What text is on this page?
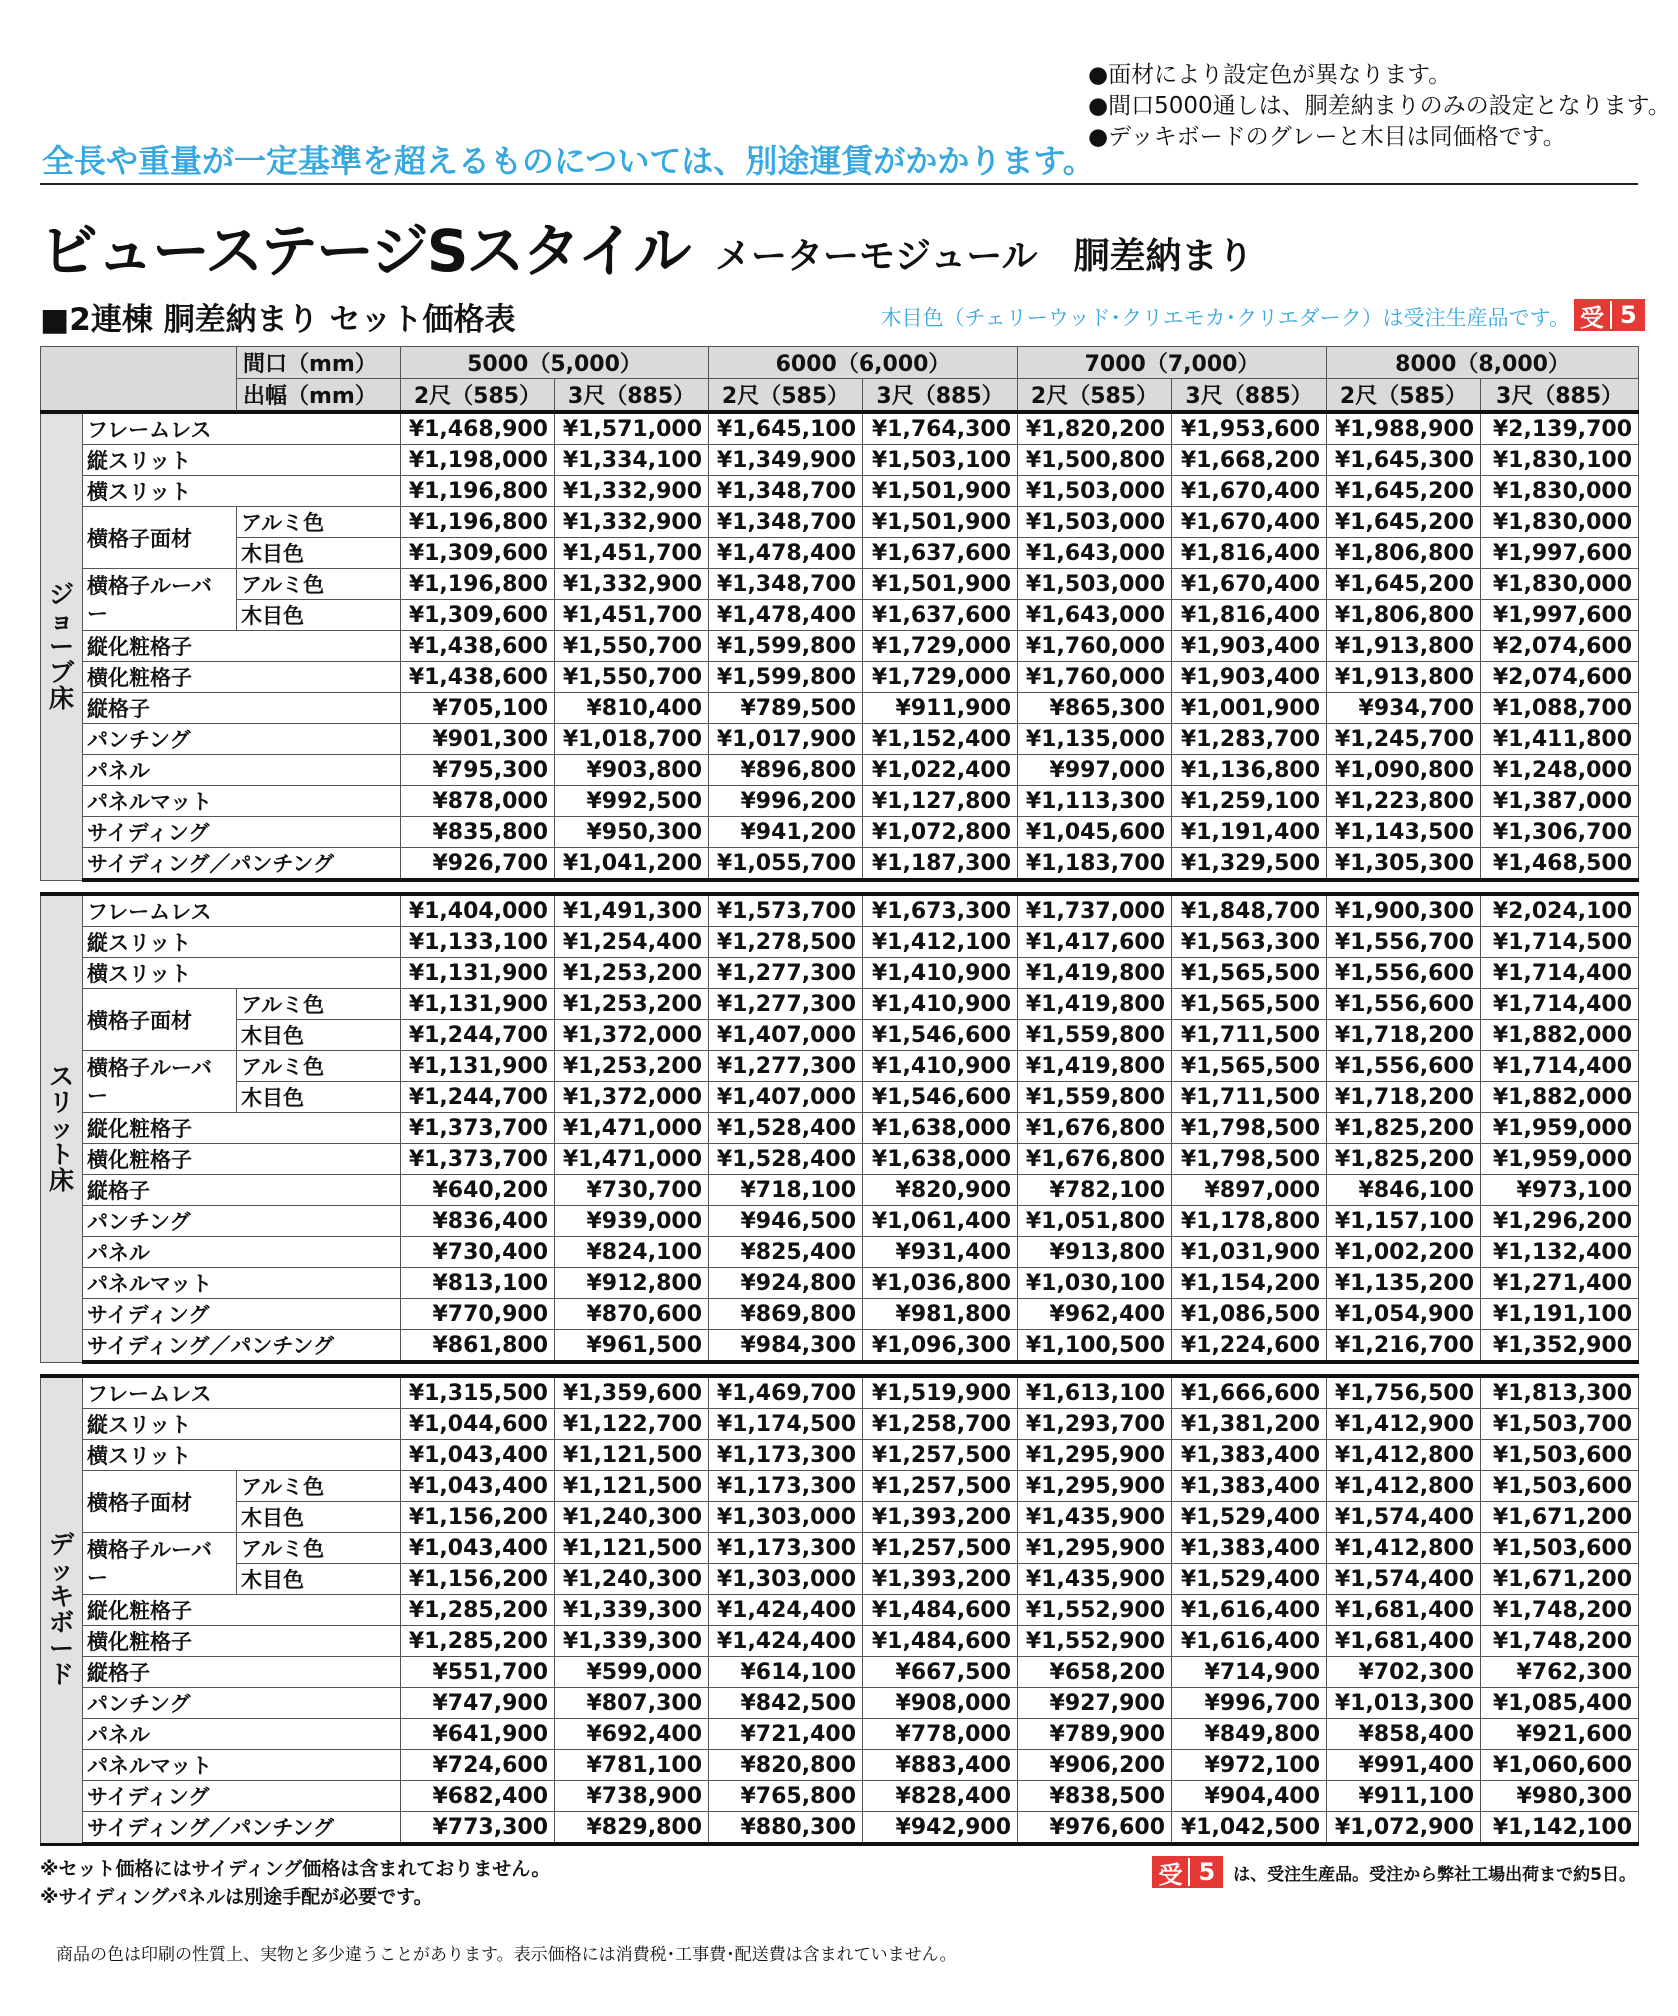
● 面材により設定色が異なります。
● 間口5000通しは、胴差納まりのみの設定となります。
● デッキボードのグレーと木目は同価格です。
全長や重量が一定基準を超えるものについては、別途運賃がかかります。
ビューステージSスタイル メーターモジュール　胴差納まり
■2連棟 胴差納まり セット価格表	木目色（チェリーウッド･クリエモカ･クリエダーク）は受注生産品です。 受 5
		間口（mm）	5000（5,000）		6000（6,000）		7000（7,000）		8000（8,000）	
		出幅（mm）	2尺（585）	3尺（885）	2尺（585）	3尺（885）	2尺（585）	3尺（885）	2尺（585）	3尺（885）

ジョーブ床	フレームレス		¥1,468,900	¥1,571,000	¥1,645,100	¥1,764,300	¥1,820,200	¥1,953,600	¥1,988,900	¥2,139,700
	縦スリット		¥1,198,000	¥1,334,100	¥1,349,900	¥1,503,100	¥1,500,800	¥1,668,200	¥1,645,300	¥1,830,100
	横スリット		¥1,196,800	¥1,332,900	¥1,348,700	¥1,501,900	¥1,503,000	¥1,670,400	¥1,645,200	¥1,830,000
	横格子面材	アルミ色	¥1,196,800	¥1,332,900	¥1,348,700	¥1,501,900	¥1,503,000	¥1,670,400	¥1,645,200	¥1,830,000
		木目色	¥1,309,600	¥1,451,700	¥1,478,400	¥1,637,600	¥1,643,000	¥1,816,400	¥1,806,800	¥1,997,600

	横格子ルーバー	アルミ色	¥1,196,800	¥1,332,900	¥1,348,700	¥1,501,900	¥1,503,000	¥1,670,400	¥1,645,200	¥1,830,000
		木目色	¥1,309,600	¥1,451,700	¥1,478,400	¥1,637,600	¥1,643,000	¥1,816,400	¥1,806,800	¥1,997,600
	縦化粧格子		¥1,438,600	¥1,550,700	¥1,599,800	¥1,729,000	¥1,760,000	¥1,903,400	¥1,913,800	¥2,074,600
	横化粧格子		¥1,438,600	¥1,550,700	¥1,599,800	¥1,729,000	¥1,760,000	¥1,903,400	¥1,913,800	¥2,074,600
	縦格子		¥705,100	¥810,400	¥789,500	¥911,900	¥865,300	¥1,001,900	¥934,700	¥1,088,700
	パンチング		¥901,300	¥1,018,700	¥1,017,900	¥1,152,400	¥1,135,000	¥1,283,700	¥1,245,700	¥1,411,800
	パネル		¥795,300	¥903,800	¥896,800	¥1,022,400	¥997,000	¥1,136,800	¥1,090,800	¥1,248,000
	パネルマット		¥878,000	¥992,500	¥996,200	¥1,127,800	¥1,113,300	¥1,259,100	¥1,223,800	¥1,387,000
	サイディング		¥835,800	¥950,300	¥941,200	¥1,072,800	¥1,045,600	¥1,191,400	¥1,143,500	¥1,306,700
	サイディング／パンチング		¥926,700	¥1,041,200	¥1,055,700	¥1,187,300	¥1,183,700	¥1,329,500	¥1,305,300	¥1,468,500

スリット床	フレームレス		¥1,404,000	¥1,491,300	¥1,573,700	¥1,673,300	¥1,737,000	¥1,848,700	¥1,900,300	¥2,024,100
	縦スリット		¥1,133,100	¥1,254,400	¥1,278,500	¥1,412,100	¥1,417,600	¥1,563,300	¥1,556,700	¥1,714,500
	横スリット		¥1,131,900	¥1,253,200	¥1,277,300	¥1,410,900	¥1,419,800	¥1,565,500	¥1,556,600	¥1,714,400
	横格子面材	アルミ色	¥1,131,900	¥1,253,200	¥1,277,300	¥1,410,900	¥1,419,800	¥1,565,500	¥1,556,600	¥1,714,400
		木目色	¥1,244,700	¥1,372,000	¥1,407,000	¥1,546,600	¥1,559,800	¥1,711,500	¥1,718,200	¥1,882,000

	横格子ルーバー	アルミ色	¥1,131,900	¥1,253,200	¥1,277,300	¥1,410,900	¥1,419,800	¥1,565,500	¥1,556,600	¥1,714,400
		木目色	¥1,244,700	¥1,372,000	¥1,407,000	¥1,546,600	¥1,559,800	¥1,711,500	¥1,718,200	¥1,882,000
	縦化粧格子		¥1,373,700	¥1,471,000	¥1,528,400	¥1,638,000	¥1,676,800	¥1,798,500	¥1,825,200	¥1,959,000
	横化粧格子		¥1,373,700	¥1,471,000	¥1,528,400	¥1,638,000	¥1,676,800	¥1,798,500	¥1,825,200	¥1,959,000
	縦格子		¥640,200	¥730,700	¥718,100	¥820,900	¥782,100	¥897,000	¥846,100	¥973,100
	パンチング		¥836,400	¥939,000	¥946,500	¥1,061,400	¥1,051,800	¥1,178,800	¥1,157,100	¥1,296,200
	パネル		¥730,400	¥824,100	¥825,400	¥931,400	¥913,800	¥1,031,900	¥1,002,200	¥1,132,400
	パネルマット		¥813,100	¥912,800	¥924,800	¥1,036,800	¥1,030,100	¥1,154,200	¥1,135,200	¥1,271,400
	サイディング		¥770,900	¥870,600	¥869,800	¥981,800	¥962,400	¥1,086,500	¥1,054,900	¥1,191,100
	サイディング／パンチング		¥861,800	¥961,500	¥984,300	¥1,096,300	¥1,100,500	¥1,224,600	¥1,216,700	¥1,352,900

デッキボード	フレームレス		¥1,315,500	¥1,359,600	¥1,469,700	¥1,519,900	¥1,613,100	¥1,666,600	¥1,756,500	¥1,813,300
	縦スリット		¥1,044,600	¥1,122,700	¥1,174,500	¥1,258,700	¥1,293,700	¥1,381,200	¥1,412,900	¥1,503,700
	横スリット		¥1,043,400	¥1,121,500	¥1,173,300	¥1,257,500	¥1,295,900	¥1,383,400	¥1,412,800	¥1,503,600
	横格子面材	アルミ色	¥1,043,400	¥1,121,500	¥1,173,300	¥1,257,500	¥1,295,900	¥1,383,400	¥1,412,800	¥1,503,600
		木目色	¥1,156,200	¥1,240,300	¥1,303,000	¥1,393,200	¥1,435,900	¥1,529,400	¥1,574,400	¥1,671,200

	横格子ルーバー	アルミ色	¥1,043,400	¥1,121,500	¥1,173,300	¥1,257,500	¥1,295,900	¥1,383,400	¥1,412,800	¥1,503,600
		木目色	¥1,156,200	¥1,240,300	¥1,303,000	¥1,393,200	¥1,435,900	¥1,529,400	¥1,574,400	¥1,671,200
	縦化粧格子		¥1,285,200	¥1,339,300	¥1,424,400	¥1,484,600	¥1,552,900	¥1,616,400	¥1,681,400	¥1,748,200
	横化粧格子		¥1,285,200	¥1,339,300	¥1,424,400	¥1,484,600	¥1,552,900	¥1,616,400	¥1,681,400	¥1,748,200
	縦格子		¥551,700	¥599,000	¥614,100	¥667,500	¥658,200	¥714,900	¥702,300	¥762,300
	パンチング		¥747,900	¥807,300	¥842,500	¥908,000	¥927,900	¥996,700	¥1,013,300	¥1,085,400
	パネル		¥641,900	¥692,400	¥721,400	¥778,000	¥789,900	¥849,800	¥858,400	¥921,600
	パネルマット		¥724,600	¥781,100	¥820,800	¥883,400	¥906,200	¥972,100	¥991,400	¥1,060,600
	サイディング		¥682,400	¥738,900	¥765,800	¥828,400	¥838,500	¥904,400	¥911,100	¥980,300
	サイディング／パンチング		¥773,300	¥829,800	¥880,300	¥942,900	¥976,600	¥1,042,500	¥1,072,900	¥1,142,100
※セット価格にはサイディング価格は含まれておりません。
※サイディングパネルは別途手配が必要です。
受 5	は、受注生産品。受注から弊社工場出荷まで約5日。
商品の色は印刷の性質上、実物と多少違うことがあります。表示価格には消費税･工事費･配送費は含まれていません。
